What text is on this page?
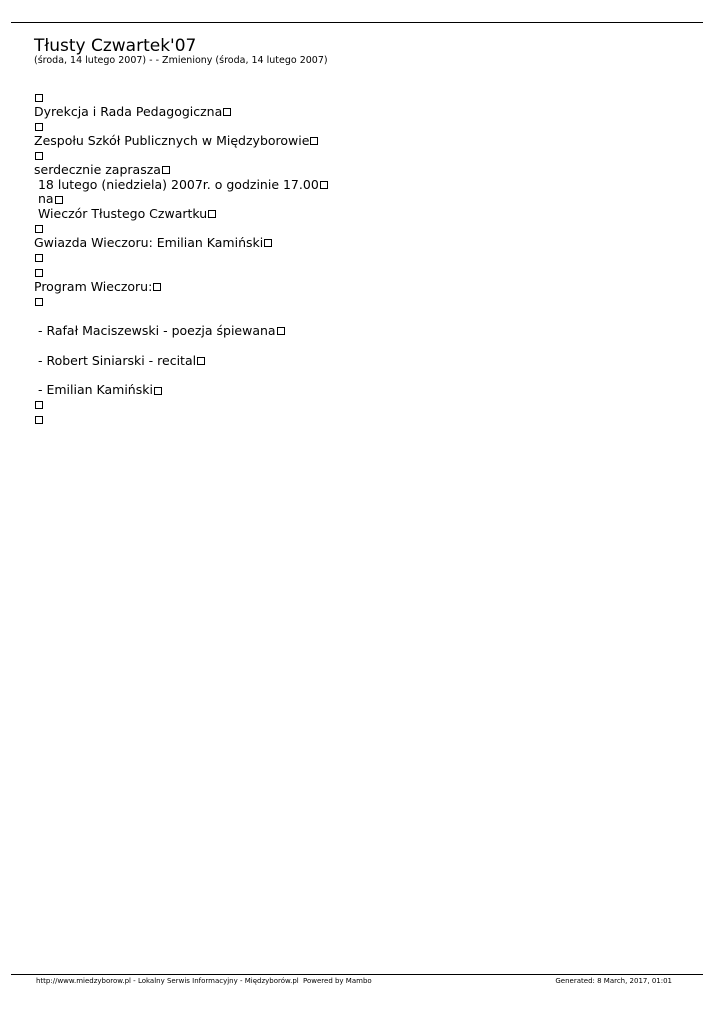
Tłusty Czwartek'07
(środa, 14 lutego 2007) - - Zmieniony (środa, 14 lutego 2007)
Dyrekcja i Rada Pedagogiczna
Zespołu Szkół Publicznych w Międzyborowie
serdecznie zaprasza
18 lutego (niedziela) 2007r. o godzinie 17.00
na
Wieczór Tłustego Czwartku
Gwiazda Wieczoru: Emilian Kamiński
Program Wieczoru:
- Rafał Maciszewski - poezja śpiewana
- Robert Siniarski - recital
- Emilian Kamiński
http://www.miedzyborow.pl - Lokalny Serwis Informacyjny - Międzyborów.pl Powered by Mambo	Generated: 8 March, 2017, 01:01
